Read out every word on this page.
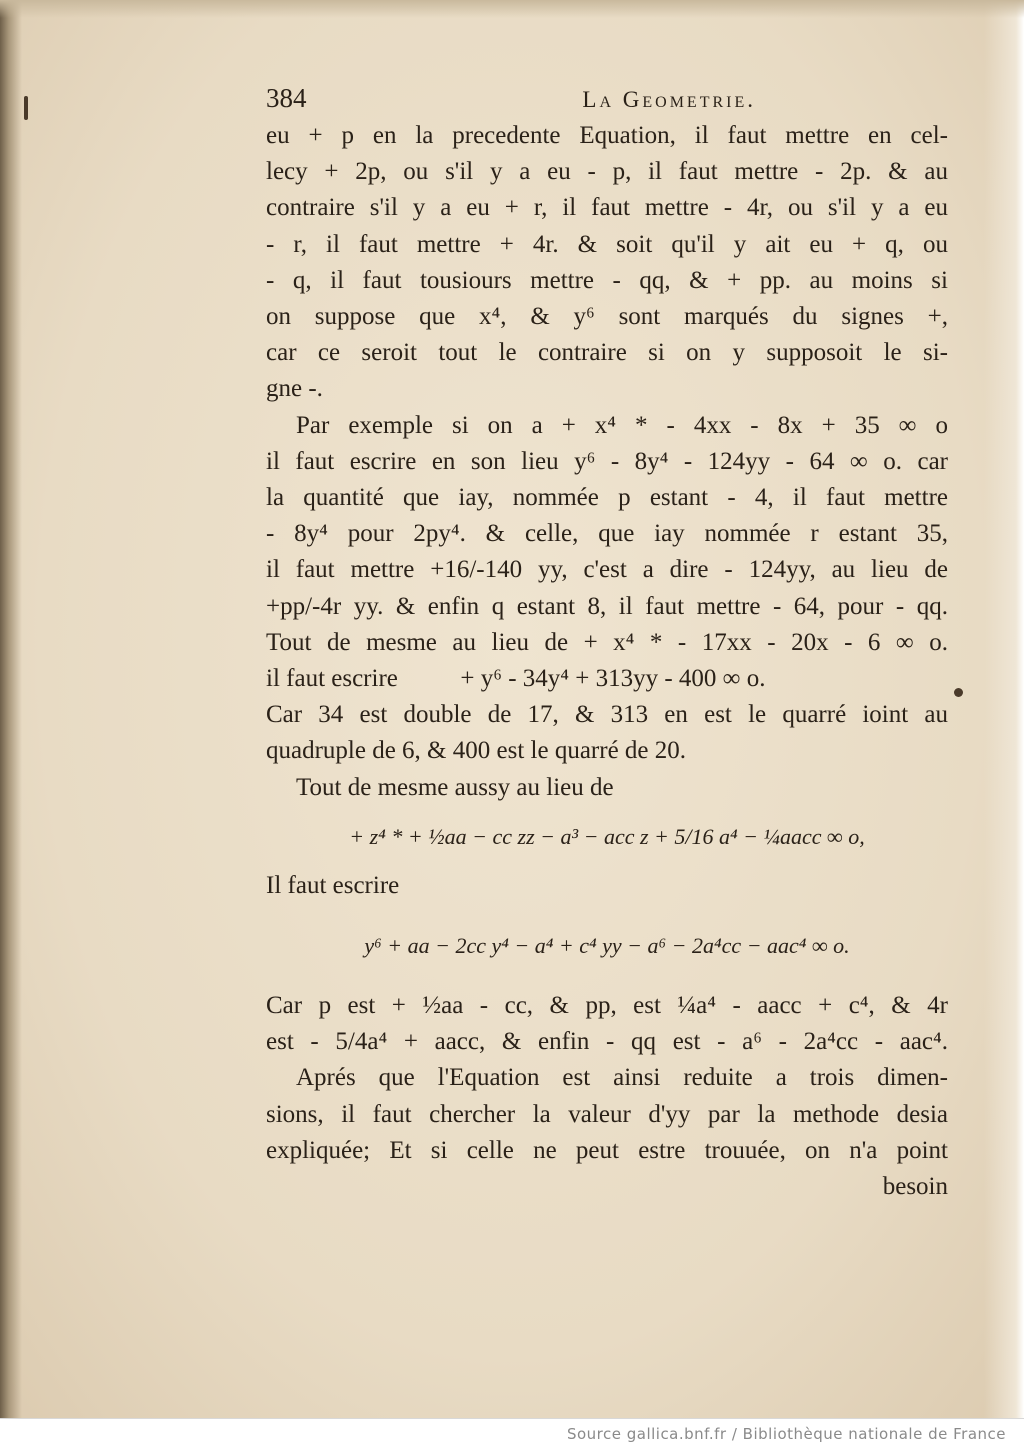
384	La Geometrie.
eu + p en la precedente Equation, il faut mettre en cel-
lecy + 2p, ou s'il y a eu - p, il faut mettre - 2p. & au
contraire s'il y a eu + r, il faut mettre - 4r, ou s'il y a eu
- r, il faut mettre + 4r. & soit qu'il y ait eu + q, ou
- q, il faut tousiours mettre - qq, & + pp. au moins si
on suppose que x⁴, & y⁶ sont marqués du signes +,
car ce seroit tout le contraire si on y supposoit le si-
gne -.
Par exemple si on a + x⁴ * - 4xx - 8x + 35 ∞ o
il faut escrire en son lieu y⁶ - 8y⁴ - 124yy - 64 ∞ o. car
la quantité que iay, nommée p estant - 4, il faut mettre
- 8y⁴ pour 2py⁴. & celle, que iay nommée r estant 35,
il faut mettre +16/-140 yy, c'est a dire - 124yy, au lieu de
+pp/-4r yy. & enfin q estant 8, il faut mettre - 64, pour - qq.
Tout de mesme au lieu de + x⁴ * - 17xx - 20x - 6 ∞ o.
il faut escrire          + y⁶ - 34y⁴ + 313yy - 400 ∞ o.
Car 34 est double de 17, & 313 en est le quarré ioint au
quadruple de 6, & 400 est le quarré de 20.
Tout de mesme aussy au lieu de
+ z⁴ * + ½aa − cc zz − a³ − acc z + 5/16 a⁴ − ¼aacc ∞ o,
Il faut escrire
y⁶ + aa − 2cc y⁴ − a⁴ + c⁴ yy − a⁶ − 2a⁴cc − aac⁴ ∞ o.
Car p est + ½aa - cc, & pp, est ¼a⁴ - aacc + c⁴, & 4r
est - 5/4a⁴ + aacc, & enfin - qq est - a⁶ - 2a⁴cc - aac⁴.
Aprés que l'Equation est ainsi reduite a trois dimen-
sions, il faut chercher la valeur d'yy par la methode desia
expliquée; Et si celle ne peut estre trouuée, on n'a point
besoin
Source gallica.bnf.fr / Bibliothèque nationale de France
